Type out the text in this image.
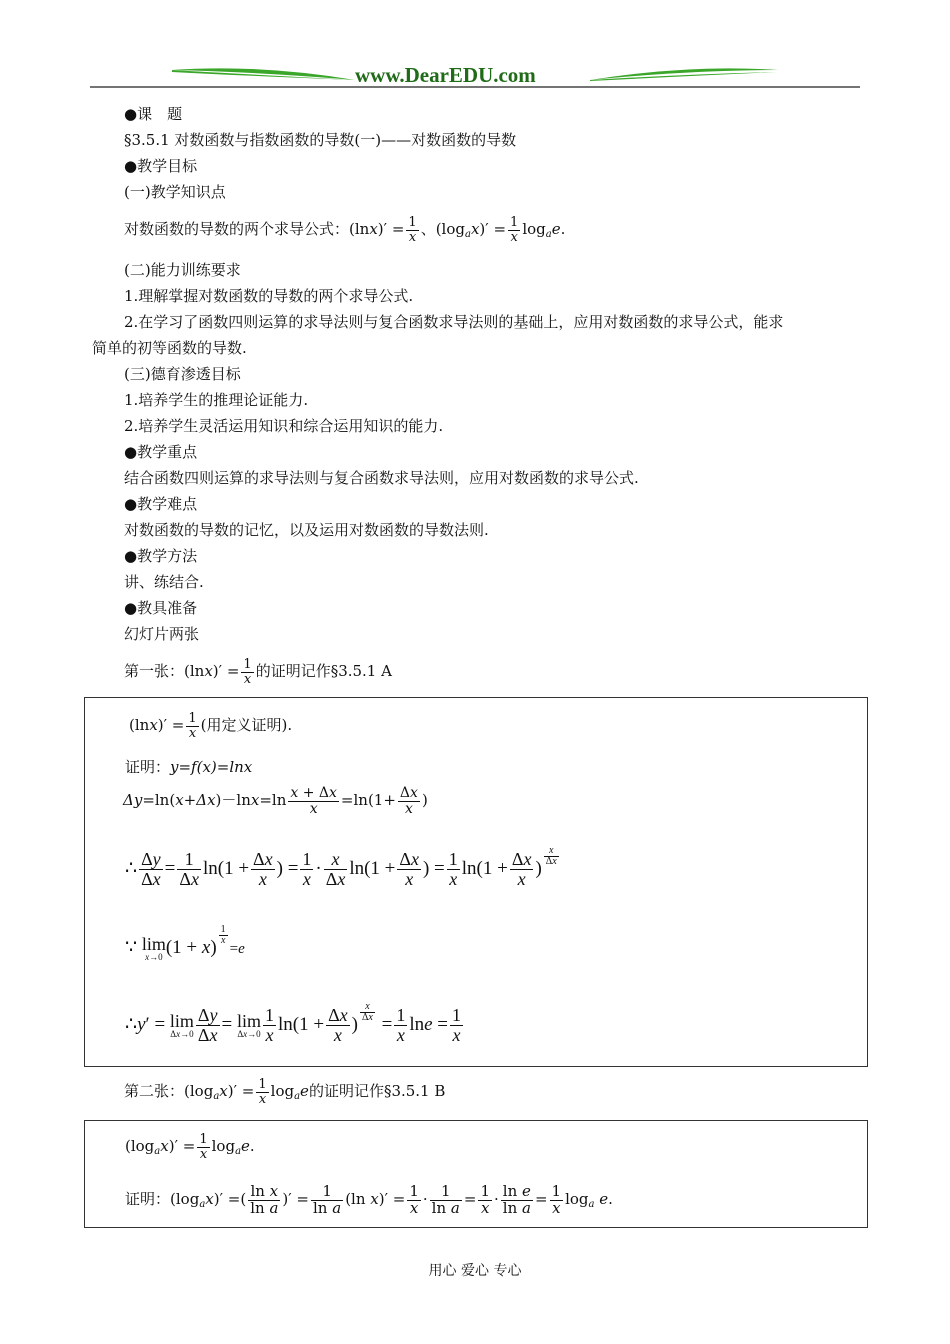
www.DearEDU.com
●课　题
§3.5.1 对数函数与指数函数的导数(一)——对数函数的导数
●教学目标
(一)教学知识点
对数函数的导数的两个求导公式：$(\ln x)' = \frac{1}{x}$ 、$(\log_ax)' = \frac{1}{x} \log_ae$.
(二)能力训练要求
1.理解掌握对数函数的导数的两个求导公式.
2.在学习了函数四则运算的求导法则与复合函数求导法则的基础上，应用对数函数的求导公式，能求
简单的初等函数的导数.
(三)德育渗透目标
1.培养学生的推理论证能力.
2.培养学生灵活运用知识和综合运用知识的能力.
●教学重点
结合函数四则运算的求导法则与复合函数求导法则，应用对数函数的求导公式.
●教学难点
对数函数的导数的记忆，以及运用对数函数的导数法则.
●教学方法
讲、练结合.
●教具准备
幻灯片两张
第一张：$(\ln x)' = \frac{1}{x}$ 的证明记作§3.5.1 A
$(\ln x)' = \frac{1}{x}$ (用定义证明).
证明：y=f(x)=lnx
$\Delta y=\ln(x+\Delta x)-\ln x=\ln \frac{x + \Delta x}{x} =\ln(1+ \frac{\Delta x}{x}$ )
∴ $\frac{\Delta y}{\Delta x} = \frac{1}{\Delta x} \ln(1 + \frac{\Delta x}{x}$ ) = $\frac{1}{x} \cdot \frac{x}{\Delta x} \ln(1 + \frac{\Delta x}{x}$ ) = $\frac{1}{x} \ln(1 + \frac{\Delta x}{x}$ )
$\frac{x}{\Delta x}$
∵ lim
x→0 (1 + x)
$\frac{1}{x}$
=e
∴y′ = lim
$\Delta x\to 0 \frac{\Delta y}{\Delta x} = \lim$
$\Delta x\to 0 \frac{1}{x} \ln(1 + \frac{\Delta x}{x}$ )
$\frac{x}{\Delta x}$
= $\frac{1}{x}$ $\ln e = \frac{1}{x}$
第二张：$(\log_ax)' = \frac{1}{x} \log_ae$的证明记作§3.5.1 B
$(\log_ax)' = \frac{1}{x} \log_ae$.
证明：$(\log_ax)'$ =( $\frac{\text{ln x}}{\text{ln a}}$ )′ = $\frac{1}{\text{ln a}} (\ln$ $x)' = \frac{1}{x} \cdot \frac{1}{\text{ln a}} = \frac{1}{x} \cdot \frac{\text{ln e}}{\text{ln a}} = \frac{1}{x} \log_a e$.
用心 爱心 专心
